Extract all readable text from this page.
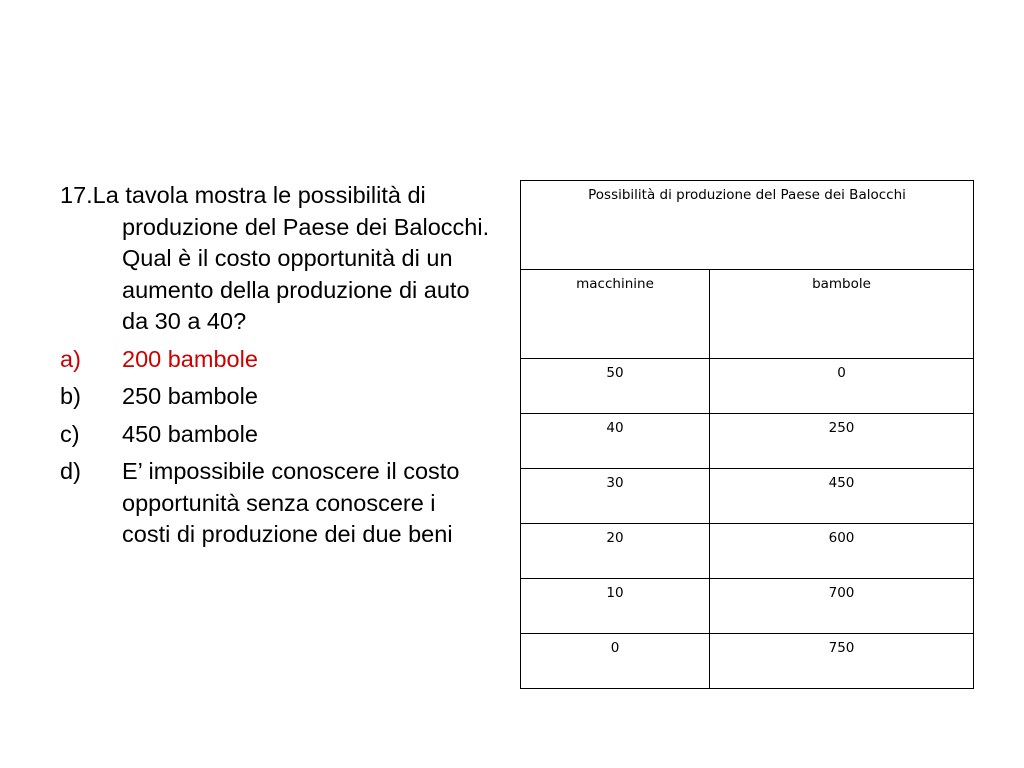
17.La tavola mostra le possibilità di produzione del Paese dei Balocchi. Qual è il costo opportunità di un aumento della produzione di auto da 30 a 40?
a)	200 bambole
b)	250 bambole
c)	450 bambole
d)	E’ impossibile conoscere il costo opportunità senza conoscere i costi di produzione dei due beni
Possibilità di produzione del Paese dei Balocchi	
macchinine	bambole
50	0
40	250
30	450
20	600
10	700
0	750
